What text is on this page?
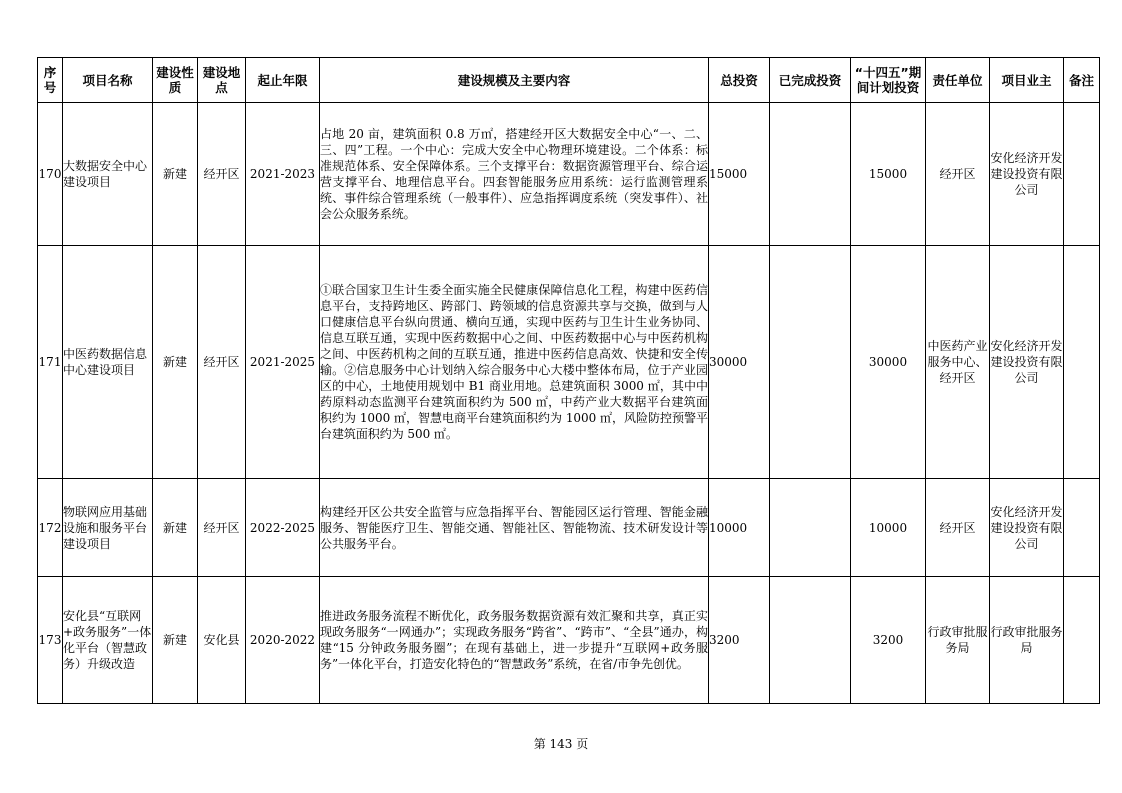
序号	项目名称	建设性质	建设地点	起止年限	建设规模及主要内容	总投资	已完成投资	“十四五”期间计划投资	责任单位	项目业主	备注
170	大数据安全中心建设项目	新建	经开区	2021-2023	占地 20 亩，建筑面积 0.8 万㎡，搭建经开区大数据安全中心“一、二、三、四”工程。一个中心：完成大安全中心物理环境建设。二个体系：标准规范体系、安全保障体系。三个支撑平台：数据资源管理平台、综合运营支撑平台、地理信息平台。四套智能服务应用系统：运行监测管理系统、事件综合管理系统（一般事件）、应急指挥调度系统（突发事件）、社会公众服务系统。	15000		15000	经开区	安化经济开发建设投资有限公司	
171	中医药数据信息中心建设项目	新建	经开区	2021-2025	①联合国家卫生计生委全面实施全民健康保障信息化工程，构建中医药信息平台，支持跨地区、跨部门、跨领域的信息资源共享与交换，做到与人口健康信息平台纵向贯通、横向互通，实现中医药与卫生计生业务协同、信息互联互通，实现中医药数据中心之间、中医药数据中心与中医药机构之间、中医药机构之间的互联互通，推进中医药信息高效、快捷和安全传输。②信息服务中心计划纳入综合服务中心大楼中整体布局，位于产业园区的中心，土地使用规划中 B1 商业用地。总建筑面积 3000 ㎡，其中中药原料动态监测平台建筑面积约为 500 ㎡，中药产业大数据平台建筑面积约为 1000 ㎡，智慧电商平台建筑面积约为 1000 ㎡，风险防控预警平台建筑面积约为 500 ㎡。	30000		30000	中医药产业服务中心、经开区	安化经济开发建设投资有限公司	
172	物联网应用基础设施和服务平台建设项目	新建	经开区	2022-2025	构建经开区公共安全监管与应急指挥平台、智能园区运行管理、智能金融服务、智能医疗卫生、智能交通、智能社区、智能物流、技术研发设计等公共服务平台。	10000		10000	经开区	安化经济开发建设投资有限公司	
173	安化县“互联网+政务服务”一体化平台（智慧政务）升级改造	新建	安化县	2020-2022	推进政务服务流程不断优化，政务服务数据资源有效汇聚和共享，真正实现政务服务“一网通办”；实现政务服务“跨省”、“跨市”、“全县”通办，构建“15 分钟政务服务圈”；在现有基础上，进一步提升“互联网+政务服务”一体化平台，打造安化特色的“智慧政务”系统，在省/市争先创优。	3200		3200	行政审批服务局	行政审批服务局	
第 143 页
